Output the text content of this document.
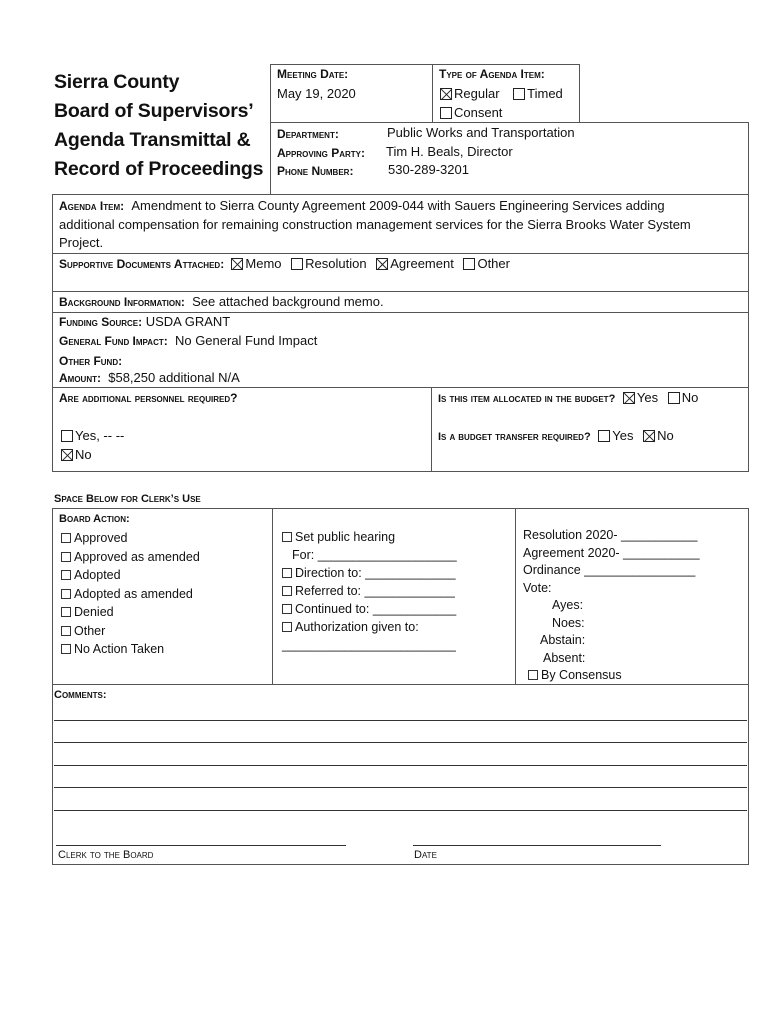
Sierra County
Board of Supervisors’
Agenda Transmittal &
Record of Proceedings
Meeting Date:
May 19, 2020
Type of Agenda Item:
Regular Timed
Consent
Department:	Public Works and Transportation
Approving Party: Tim H. Beals, Director
Phone Number:	530-289-3201
Agenda Item: Amendment to Sierra County Agreement 2009-044 with Sauers Engineering Services adding
additional compensation for remaining construction management services for the Sierra Brooks Water System
Project.
Supportive Documents Attached: Memo Resolution Agreement Other
Background Information: See attached background memo.
Funding Source: USDA GRANT
General Fund Impact: No General Fund Impact
Other Fund:
Amount: $58,250 additional N/A
Are additional personnel required?
Yes, -- --
No
Is this item allocated in the budget? Yes No
Is a budget transfer required? Yes No
Space Below for Clerk’s Use
Board Action:
Approved
Approved as amended
Adopted
Adopted as amended
Denied
Other
No Action Taken
Set public hearing
For: ____________________
Direction to: _____________
Referred to: _____________
Continued to: ____________
Authorization given to:
_________________________
Resolution 2020- ___________
Agreement 2020- ___________
Ordinance ________________
Vote:
Ayes:
Noes:
Abstain:
Absent:
By Consensus
Comments:
Clerk to the Board	Date
